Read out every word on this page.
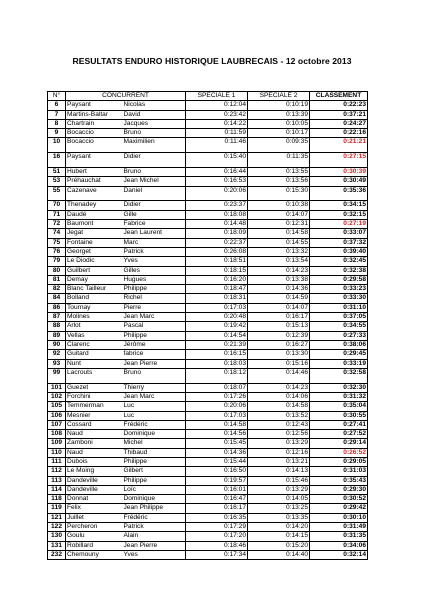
RESULTATS ENDURO HISTORIQUE LAUBRECAIS - 12 octobre 2013
N°	CONCURRENT		SPECIALE 1	SPECIALE 2	CLASSEMENT
6	Paysant	Nicolas	0:12:04	0:10:19	0:22:23
7	Martins-Baltar	David	0:23:42	0:13:39	0:37:21
8	Chartrain	Jacques	0:14:22	0:10:05	0:24:27
9	Bocaccio	Bruno	0:11:59	0:10:17	0:22:16
10	Bocaccio	Maximilien	0:11:46	0:09:35	0:21:21

16	Paysant	Didier	0:15:40	0:11:35	0:27:15

51	Hubert	Bruno	0:16:44	0:13:55	0:30:39
53	Préhauchat	Jean Michel	0:16:53	0:13:56	0:30:49
55	Cazenave	Daniel	0:20:06	0:15:30	0:35:36

70	Thenadey	Didier	0:23:37	0:10:38	0:34:15
71	Daudé	Gille	0:18:08	0:14:07	0:32:15
72	Baumont	Fabrice	0:14:48	0:12:31	0:27:19
74	Jegat	Jean Laurent	0:18:09	0:14:58	0:33:07
75	Fontaine	Marc	0:22:37	0:14:55	0:37:32
76	Georget	Patrick	0:26:08	0:13:32	0:39:40
79	Le Diodic	Yves	0:18:51	0:13:54	0:32:45
80	Guilbert	Gilles	0:18:15	0:14:23	0:32:38
81	Demay	Hugues	0:16:20	0:13:38	0:29:58
82	Blanc Tailleur	Philippe	0:18:47	0:14:36	0:33:23
84	Bolland	Richel	0:18:31	0:14:59	0:33:30
86	Tournay	Pierre	0:17:03	0:14:07	0:31:10
87	Molines	Jean Marc	0:20:48	0:16:17	0:37:05
88	Arlot	Pascal	0:19:42	0:15:13	0:34:55
89	Vellas	Philippe	0:14:54	0:12:39	0:27:33
90	Clarenc	Jérôme	0:21:39	0:16:27	0:38:06
92	Guitard	fabrice	0:16:15	0:13:30	0:29:45
93	Nunt	Jean Pierre	0:18:03	0:15:16	0:33:19
99	Lacrouts	Bruno	0:18:12	0:14:46	0:32:58

101	Guezet	Thierry	0:18:07	0:14:23	0:32:30
102	Forchini	Jean Marc	0:17:26	0:14:06	0:31:32
105	Temmerman	Luc	0:20:06	0:14:58	0:35:04
106	Mesnier	Luc	0:17:03	0:13:52	0:30:55
107	Cossard	Frédéric	0:14:58	0:12:43	0:27:41
108	Naud	Dominique	0:14:56	0:12:56	0:27:52
109	Zamboni	Michel	0:15:45	0:13:29	0:29:14
110	Naud	Thibaud	0:14:36	0:12:16	0:26:52
111	Dubois	Philippe	0:15:44	0:13:21	0:29:05
112	Le Moing	Gilbert	0:16:50	0:14:13	0:31:03
113	Dandeville	Philippe	0:19:57	0:15:46	0:35:43
114	Dandeville	Loïc	0:16:01	0:13:29	0:29:30
118	Donnat	Dominique	0:16:47	0:14:05	0:30:52
119	Felix	Jean Philippe	0:16:17	0:13:25	0:29:42
121	Juillet	Frédéric	0:16:35	0:13:35	0:30:10
122	Percheron	Patrick	0:17:29	0:14:20	0:31:49
130	Goulu	Alain	0:17:20	0:14:15	0:31:35
131	Robillard	Jean Pierre	0:18:46	0:15:20	0:34:06
232	Chemouny	Yves	0:17:34	0:14:40	0:32:14
